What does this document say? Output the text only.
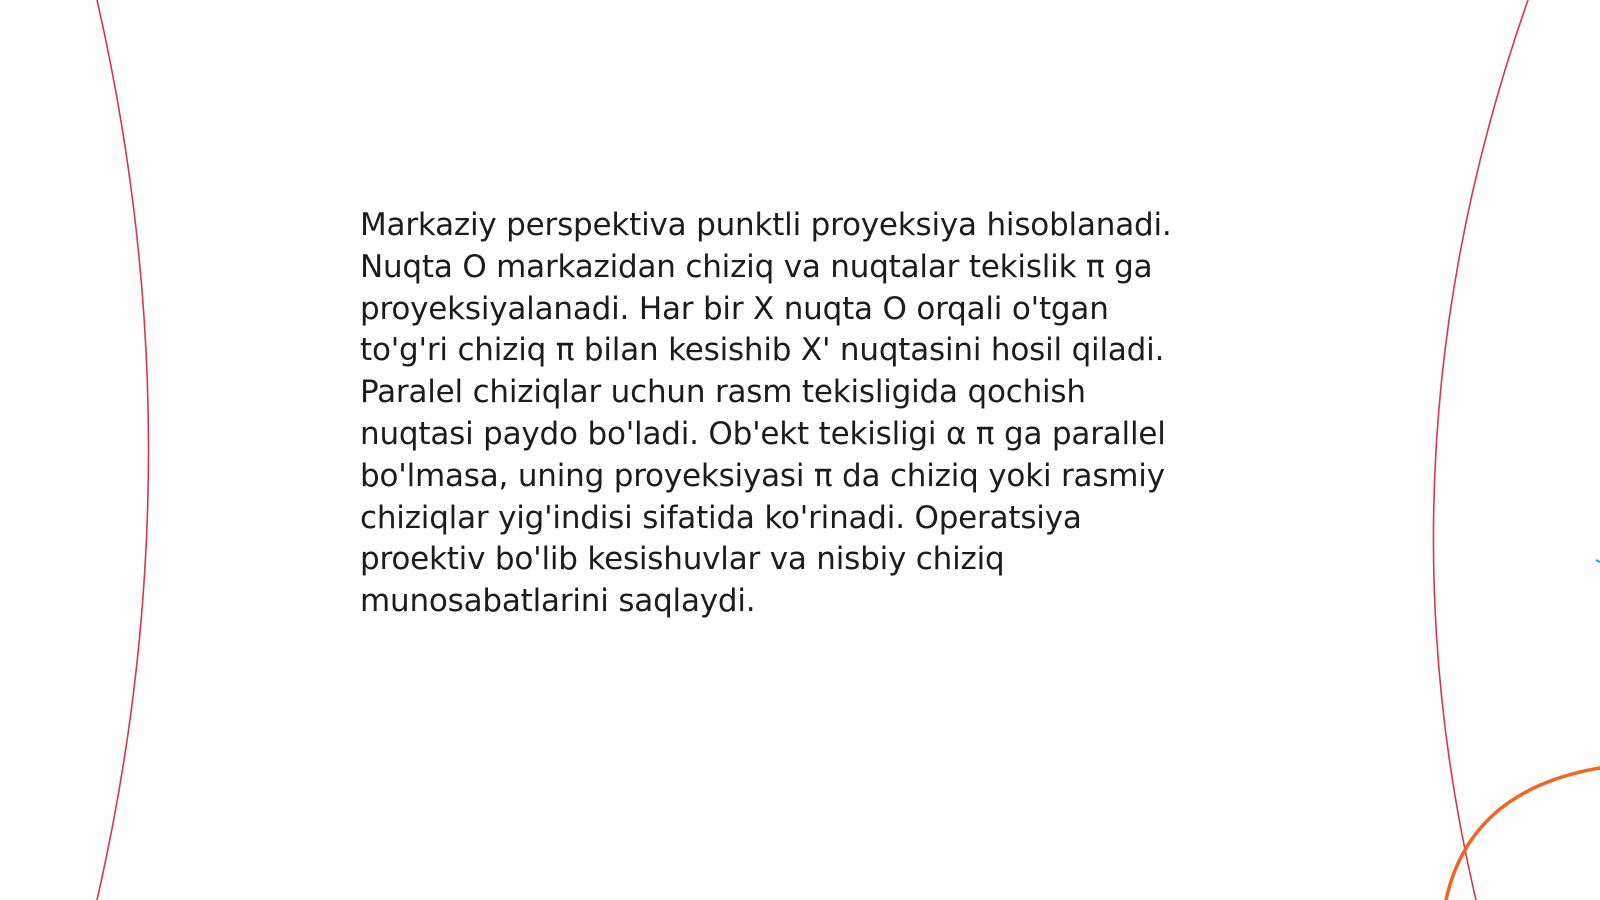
Markaziy perspektiva punktli proyeksiya hisoblanadi.
Nuqta O markazidan chiziq va nuqtalar tekislik π ga
proyeksiyalanadi. Har bir X nuqta O orqali o'tgan
to'g'ri chiziq π bilan kesishib X' nuqtasini hosil qiladi.
Paralel chiziqlar uchun rasm tekisligida qochish
nuqtasi paydo bo'ladi. Ob'ekt tekisligi α π ga parallel
bo'lmasa, uning proyeksiyasi π da chiziq yoki rasmiy
chiziqlar yig'indisi sifatida ko'rinadi. Operatsiya
proektiv bo'lib kesishuvlar va nisbiy chiziq
munosabatlarini saqlaydi.
